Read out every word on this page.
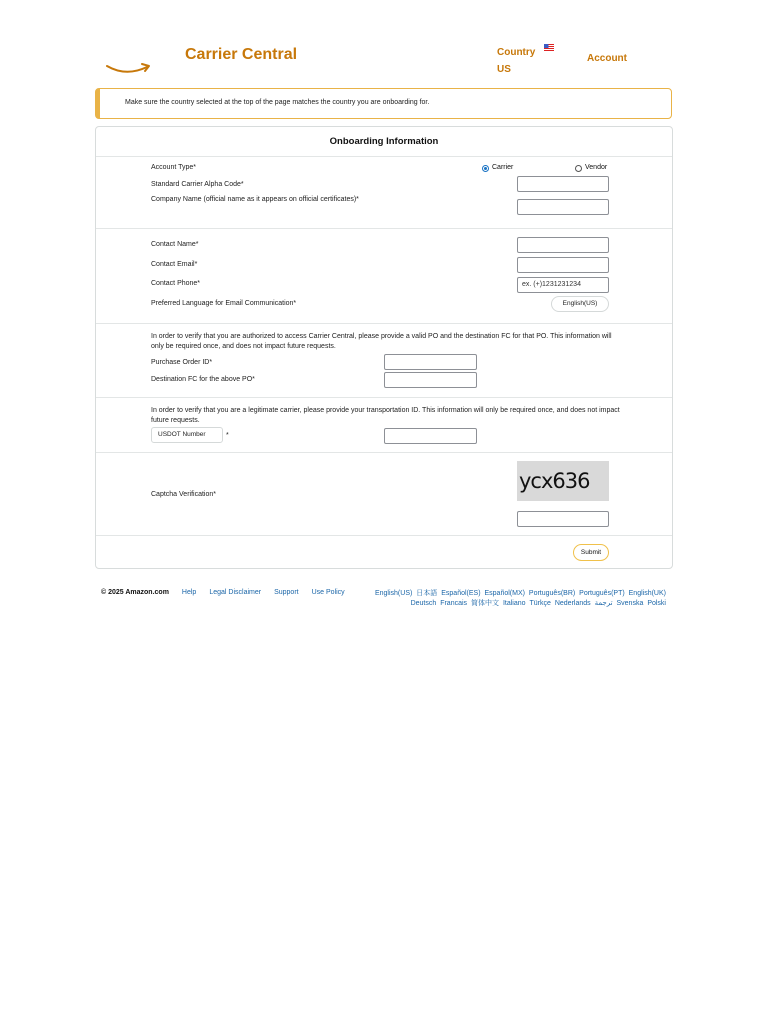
Carrier Central	Country
US
Account
Make sure the country selected at the top of the page matches the country you are onboarding for.
Onboarding Information
Account Type*	Carrier	Vendor
Standard Carrier Alpha Code*
Company Name (official name as it appears on official certificates)*
Contact Name*
Contact Email*
Contact Phone*	ex. (+)1231231234
Preferred Language for Email Communication*	English(US)
In order to verify that you are authorized to access Carrier Central, please provide a valid PO and the destination FC for that PO. This information will only be required once, and does not impact future requests.
Purchase Order ID*
Destination FC for the above PO*
In order to verify that you are a legitimate carrier, please provide your transportation ID. This information will only be required once, and does not impact future requests.
USDOT Number	*
ycx636
Captcha Verification*
Submit
© 2025 Amazon.com Help Legal Disclaimer Support Use Policy	English(US) 日本語 Español(ES) Español(MX) Português(BR) Português(PT) English(UK)
Deutsch Francais 简体中文 Italiano Türkçe Nederlands ترجمة Svenska Polski
